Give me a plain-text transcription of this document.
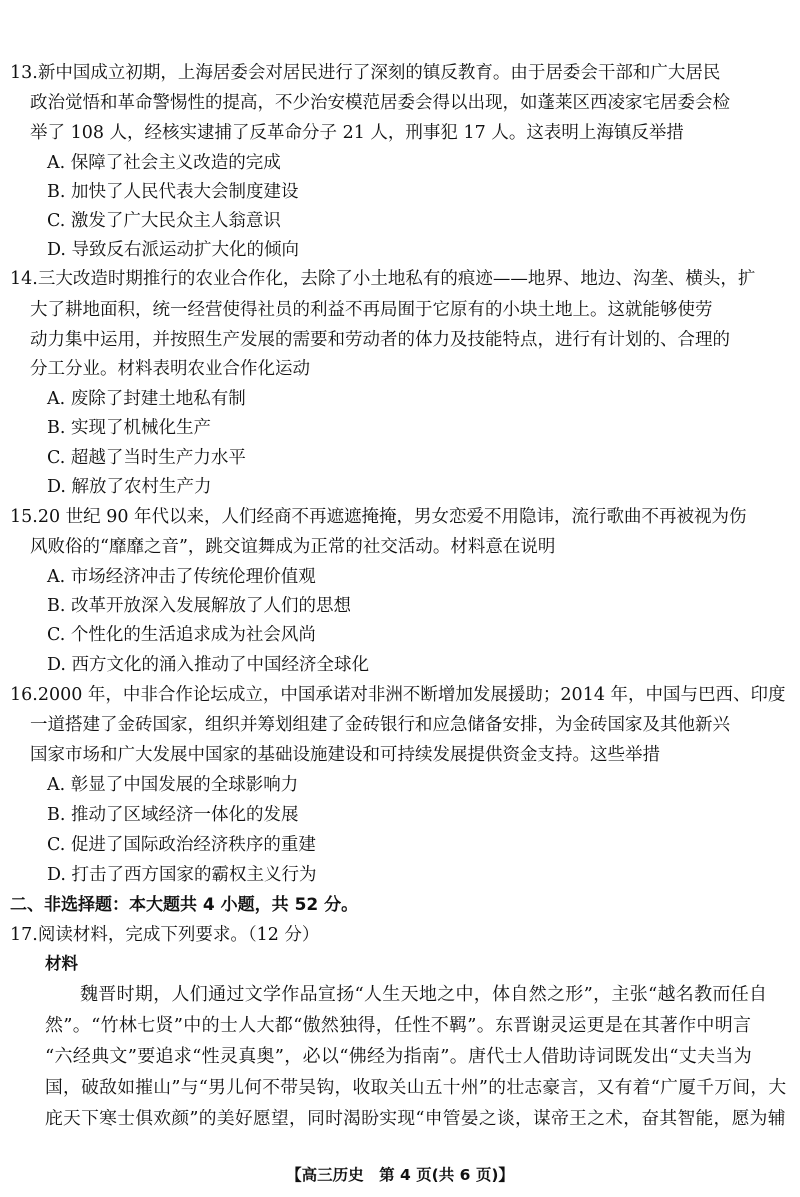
13.新中国成立初期，上海居委会对居民进行了深刻的镇反教育。由于居委会干部和广大居民
政治觉悟和革命警惕性的提高，不少治安模范居委会得以出现，如蓬莱区西凌家宅居委会检
举了 108 人，经核实逮捕了反革命分子 21 人，刑事犯 17 人。这表明上海镇反举措
A. 保障了社会主义改造的完成
B. 加快了人民代表大会制度建设
C. 激发了广大民众主人翁意识
D. 导致反右派运动扩大化的倾向
14.三大改造时期推行的农业合作化，去除了小土地私有的痕迹——地界、地边、沟垄、横头，扩
大了耕地面积，统一经营使得社员的利益不再局囿于它原有的小块土地上。这就能够使劳
动力集中运用，并按照生产发展的需要和劳动者的体力及技能特点，进行有计划的、合理的
分工分业。材料表明农业合作化运动
A. 废除了封建土地私有制
B. 实现了机械化生产
C. 超越了当时生产力水平
D. 解放了农村生产力
15.20 世纪 90 年代以来，人们经商不再遮遮掩掩，男女恋爱不用隐讳，流行歌曲不再被视为伤
风败俗的“靡靡之音”，跳交谊舞成为正常的社交活动。材料意在说明
A. 市场经济冲击了传统伦理价值观
B. 改革开放深入发展解放了人们的思想
C. 个性化的生活追求成为社会风尚
D. 西方文化的涌入推动了中国经济全球化
16.2000 年，中非合作论坛成立，中国承诺对非洲不断增加发展援助；2014 年，中国与巴西、印度
一道搭建了金砖国家，组织并筹划组建了金砖银行和应急储备安排，为金砖国家及其他新兴
国家市场和广大发展中国家的基础设施建设和可持续发展提供资金支持。这些举措
A. 彰显了中国发展的全球影响力
B. 推动了区域经济一体化的发展
C. 促进了国际政治经济秩序的重建
D. 打击了西方国家的霸权主义行为
二、非选择题：本大题共 4 小题，共 52 分。
17.阅读材料，完成下列要求。（12 分）
材料
魏晋时期，人们通过文学作品宣扬“人生天地之中，体自然之形”，主张“越名教而任自
然”。“竹林七贤”中的士人大都“傲然独得，任性不羁”。东晋谢灵运更是在其著作中明言
“六经典文”要追求“性灵真奥”，必以“佛经为指南”。唐代士人借助诗词既发出“丈夫当为
国，破敌如摧山”与“男儿何不带吴钩，收取关山五十州”的壮志豪言，又有着“广厦千万间，大
庇天下寒士俱欢颜”的美好愿望，同时渴盼实现“申管晏之谈，谋帝王之术，奋其智能，愿为辅
【高三历史　第 4 页(共 6 页)】
